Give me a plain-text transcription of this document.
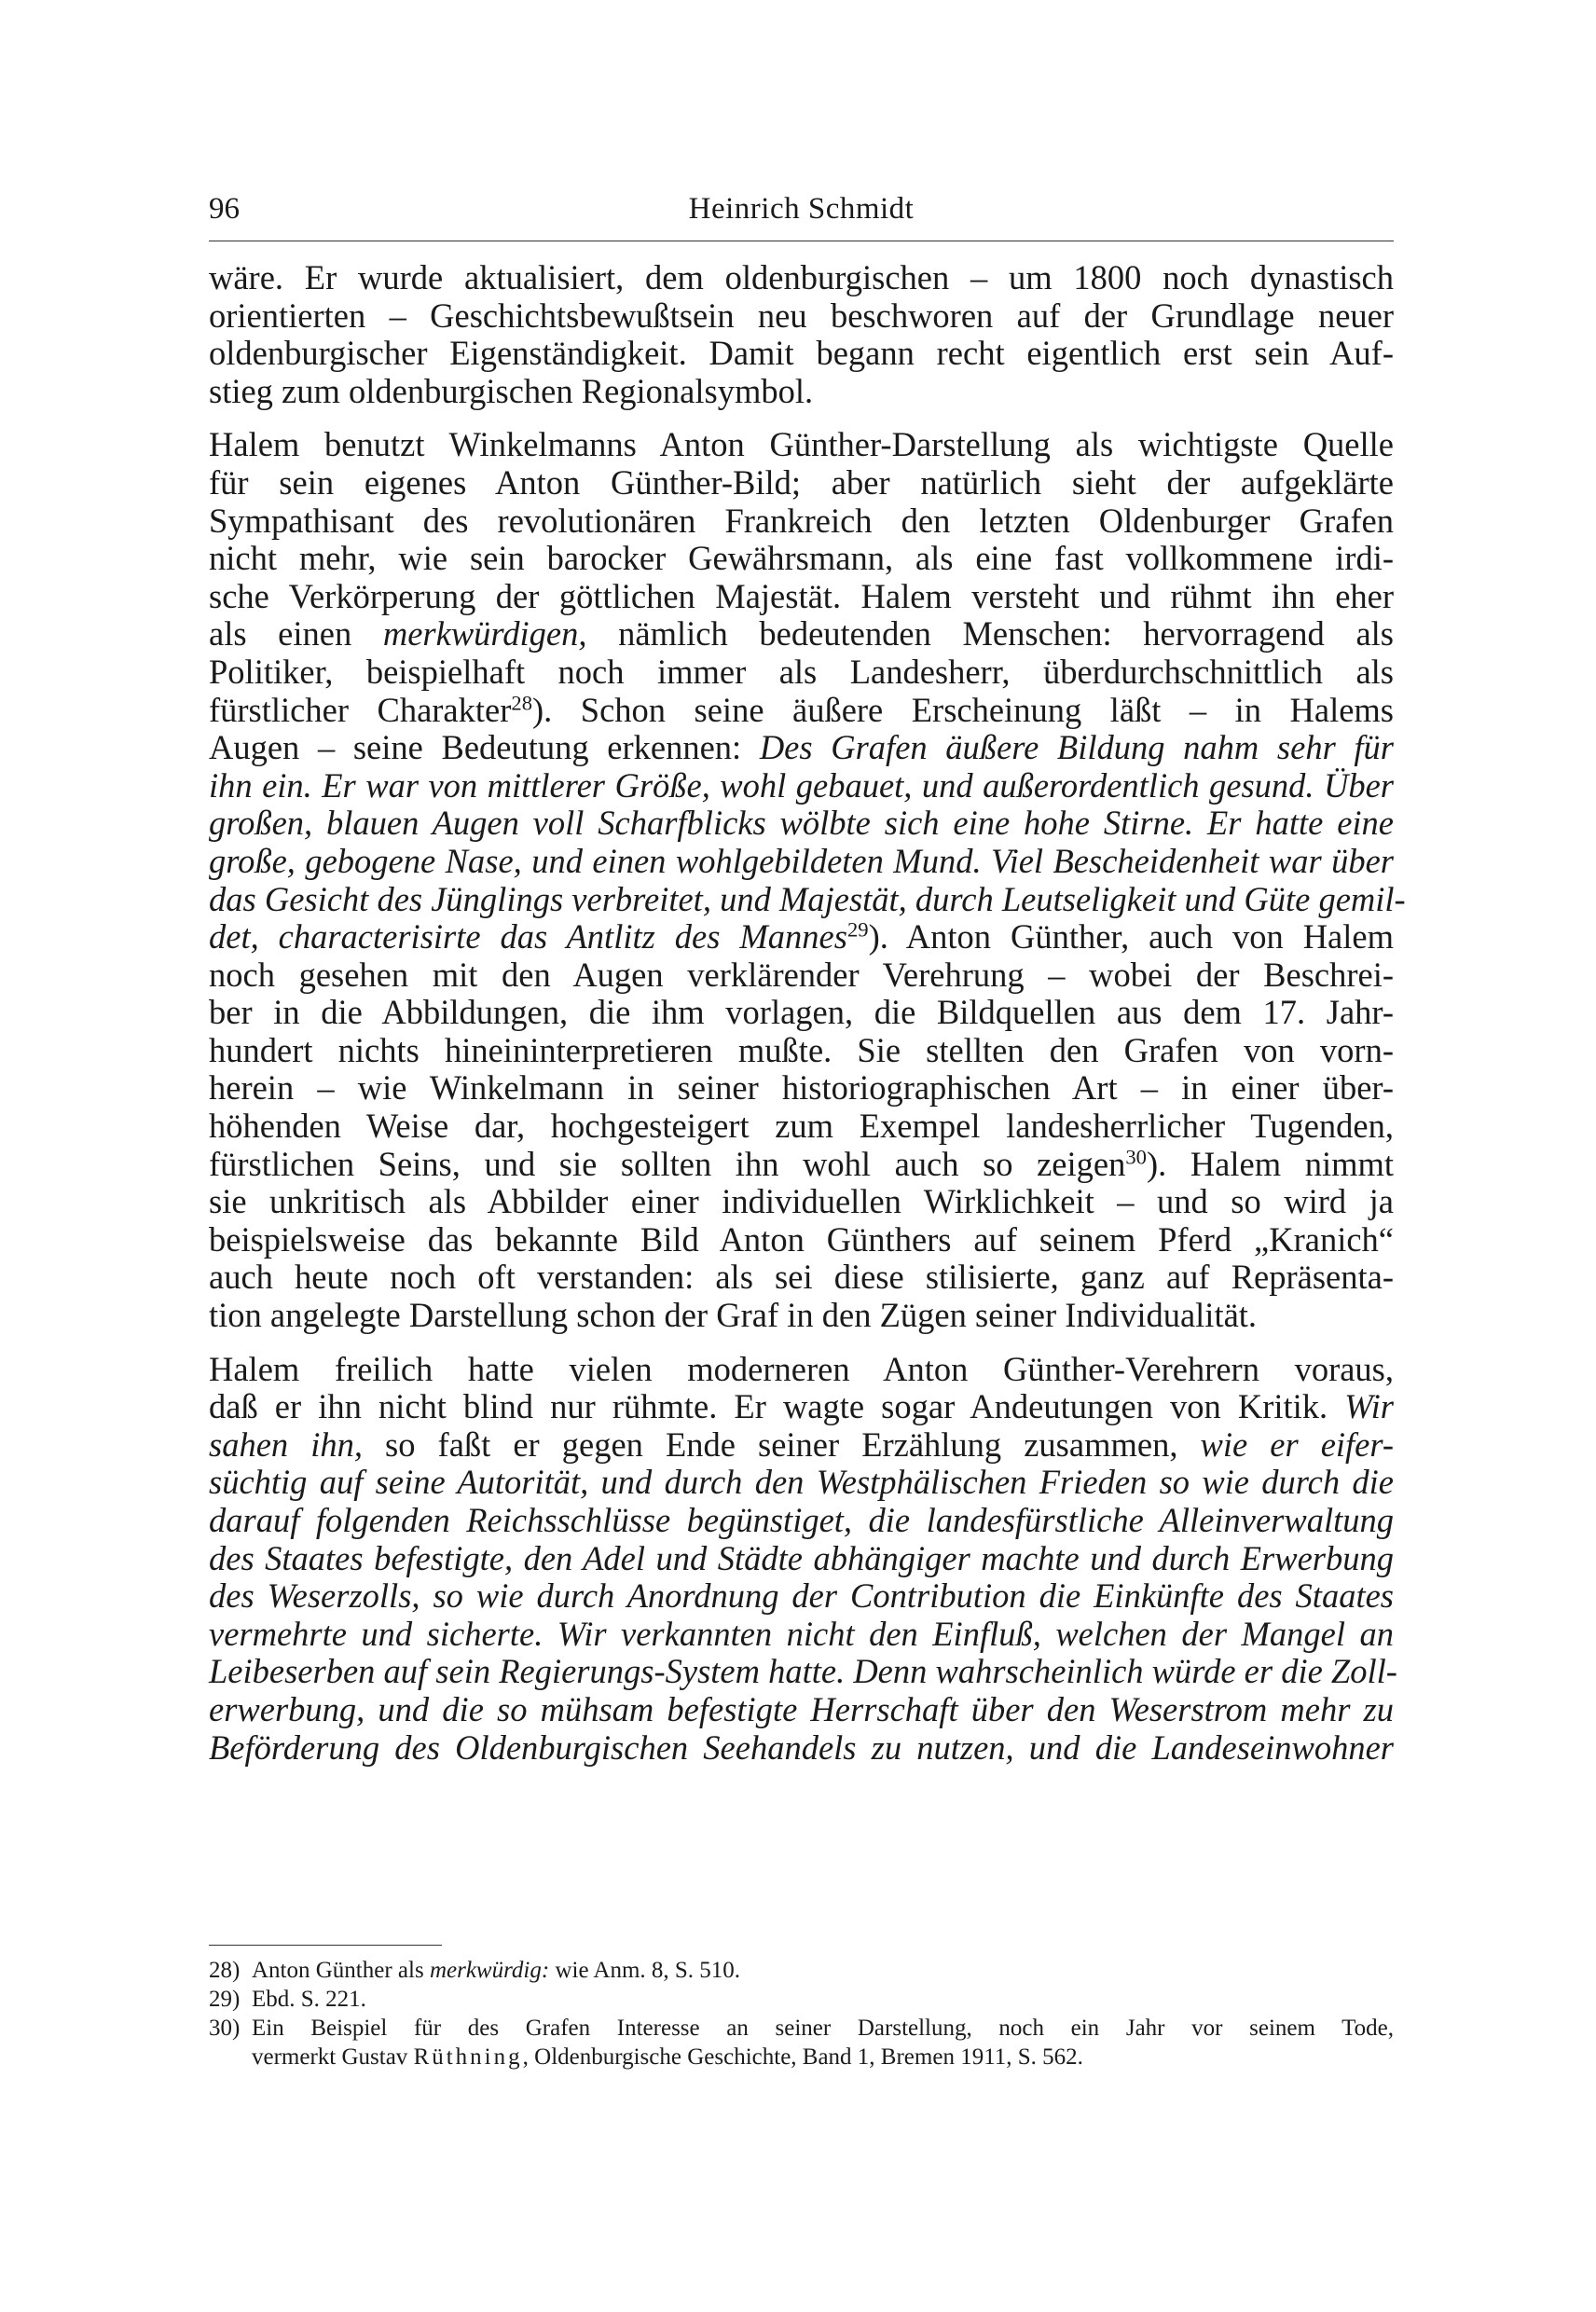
96	Heinrich Schmidt

wäre. Er wurde aktualisiert, dem oldenburgischen – um 1800 noch dynastisch
orientierten – Geschichtsbewußtsein neu beschworen auf der Grundlage neuer
oldenburgischer Eigenständigkeit. Damit begann recht eigentlich erst sein Auf-
stieg zum oldenburgischen Regionalsymbol.

Halem benutzt Winkelmanns Anton Günther-Darstellung als wichtigste Quelle
für sein eigenes Anton Günther-Bild; aber natürlich sieht der aufgeklärte
Sympathisant des revolutionären Frankreich den letzten Oldenburger Grafen
nicht mehr, wie sein barocker Gewährsmann, als eine fast vollkommene irdi-
sche Verkörperung der göttlichen Majestät. Halem versteht und rühmt ihn eher
als einen merkwürdigen, nämlich bedeutenden Menschen: hervorragend als
Politiker, beispielhaft noch immer als Landesherr, überdurchschnittlich als
fürstlicher Charakter$^{28}$). Schon seine äußere Erscheinung läßt – in Halems
Augen – seine Bedeutung erkennen: Des Grafen äußere Bildung nahm sehr für
ihn ein. Er war von mittlerer Größe, wohl gebauet, und außerordentlich gesund. Über
großen, blauen Augen voll Scharfblicks wölbte sich eine hohe Stirne. Er hatte eine
große, gebogene Nase, und einen wohlgebildeten Mund. Viel Bescheidenheit war über
das Gesicht des Jünglings verbreitet, und Majestät, durch Leutseligkeit und Güte gemil-
det, characterisirte das Antlitz des Mannes$^{29}$). Anton Günther, auch von Halem
noch gesehen mit den Augen verklärender Verehrung – wobei der Beschrei-
ber in die Abbildungen, die ihm vorlagen, die Bildquellen aus dem 17. Jahr-
hundert nichts hineininterpretieren mußte. Sie stellten den Grafen von vorn-
herein – wie Winkelmann in seiner historiographischen Art – in einer über-
höhenden Weise dar, hochgesteigert zum Exempel landesherrlicher Tugenden,
fürstlichen Seins, und sie sollten ihn wohl auch so zeigen$^{30}$). Halem nimmt
sie unkritisch als Abbilder einer individuellen Wirklichkeit – und so wird ja
beispielsweise das bekannte Bild Anton Günthers auf seinem Pferd „Kranich“
auch heute noch oft verstanden: als sei diese stilisierte, ganz auf Repräsenta-
tion angelegte Darstellung schon der Graf in den Zügen seiner Individualität.

Halem freilich hatte vielen moderneren Anton Günther-Verehrern voraus,
daß er ihn nicht blind nur rühmte. Er wagte sogar Andeutungen von Kritik. Wir
sahen ihn, so faßt er gegen Ende seiner Erzählung zusammen, wie er eifer-
süchtig auf seine Autorität, und durch den Westphälischen Frieden so wie durch die
darauf folgenden Reichsschlüsse begünstiget, die landesfürstliche Alleinverwaltung
des Staates befestigte, den Adel und Städte abhängiger machte und durch Erwerbung
des Weserzolls, so wie durch Anordnung der Contribution die Einkünfte des Staates
vermehrte und sicherte. Wir verkannten nicht den Einfluß, welchen der Mangel an
Leibeserben auf sein Regierungs-System hatte. Denn wahrscheinlich würde er die Zoll-
erwerbung, und die so mühsam befestigte Herrschaft über den Weserstrom mehr zu
Beförderung des Oldenburgischen Seehandels zu nutzen, und die Landeseinwohner

28) Anton Günther als merkwürdig: wie Anm. 8, S. 510.
29) Ebd. S. 221.
30) Ein Beispiel für des Grafen Interesse an seiner Darstellung, noch ein Jahr vor seinem Tode,
vermerkt Gustav Rüthning, Oldenburgische Geschichte, Band 1, Bremen 1911, S. 562.
